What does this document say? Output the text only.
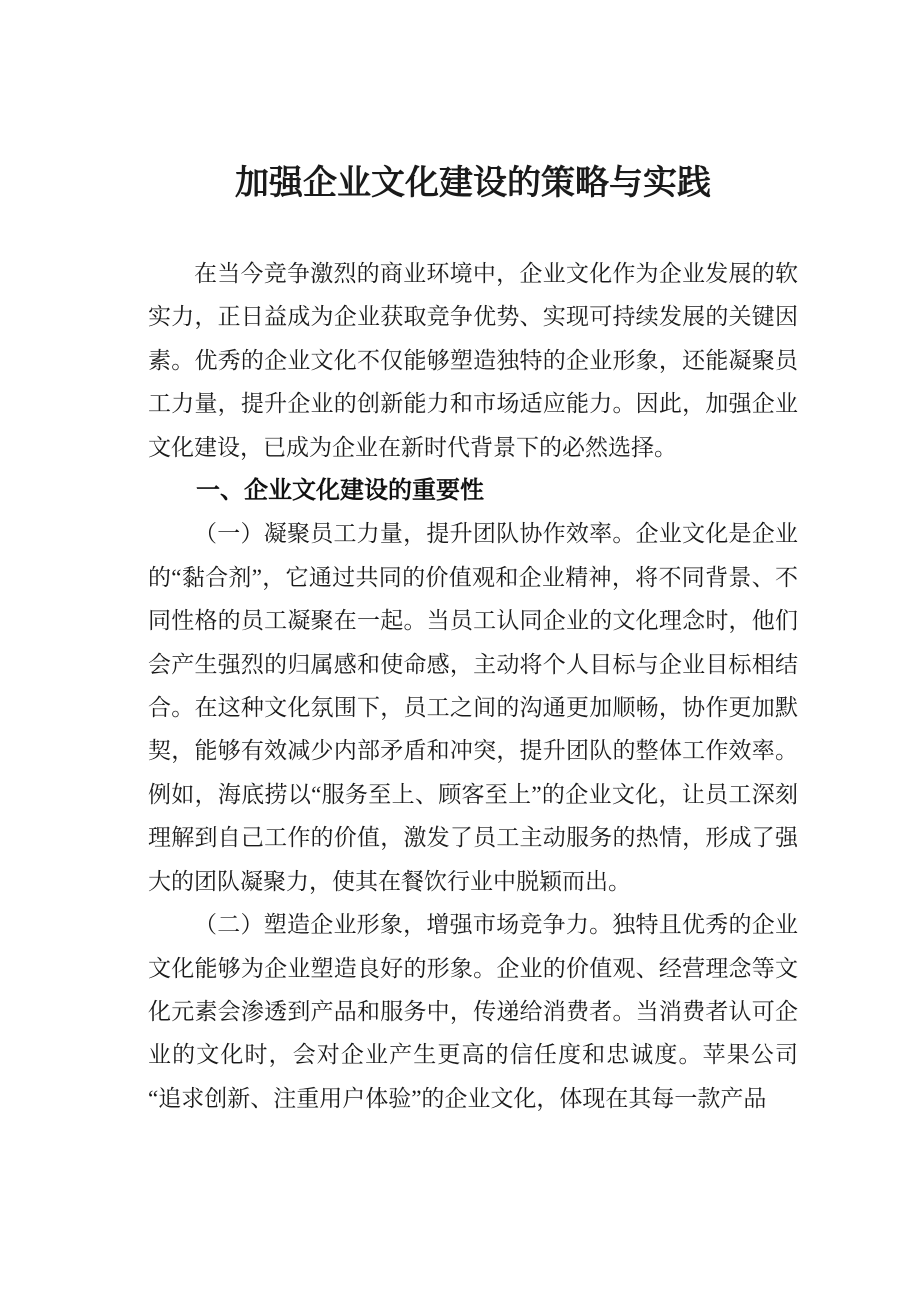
加强企业文化建设的策略与实践

在当今竞争激烈的商业环境中，企业文化作为企业发展的软实力，正日益成为企业获取竞争优势、实现可持续发展的关键因素。优秀的企业文化不仅能够塑造独特的企业形象，还能凝聚员工力量，提升企业的创新能力和市场适应能力。因此，加强企业文化建设，已成为企业在新时代背景下的必然选择。

一、企业文化建设的重要性

（一）凝聚员工力量，提升团队协作效率。企业文化是企业的“黏合剂”，它通过共同的价值观和企业精神，将不同背景、不同性格的员工凝聚在一起。当员工认同企业的文化理念时，他们会产生强烈的归属感和使命感，主动将个人目标与企业目标相结合。在这种文化氛围下，员工之间的沟通更加顺畅，协作更加默契，能够有效减少内部矛盾和冲突，提升团队的整体工作效率。例如，海底捞以“服务至上、顾客至上”的企业文化，让员工深刻理解到自己工作的价值，激发了员工主动服务的热情，形成了强大的团队凝聚力，使其在餐饮行业中脱颖而出。

（二）塑造企业形象，增强市场竞争力。独特且优秀的企业文化能够为企业塑造良好的形象。企业的价值观、经营理念等文化元素会渗透到产品和服务中，传递给消费者。当消费者认可企业的文化时，会对企业产生更高的信任度和忠诚度。苹果公司“追求创新、注重用户体验”的企业文化，体现在其每一款产品
